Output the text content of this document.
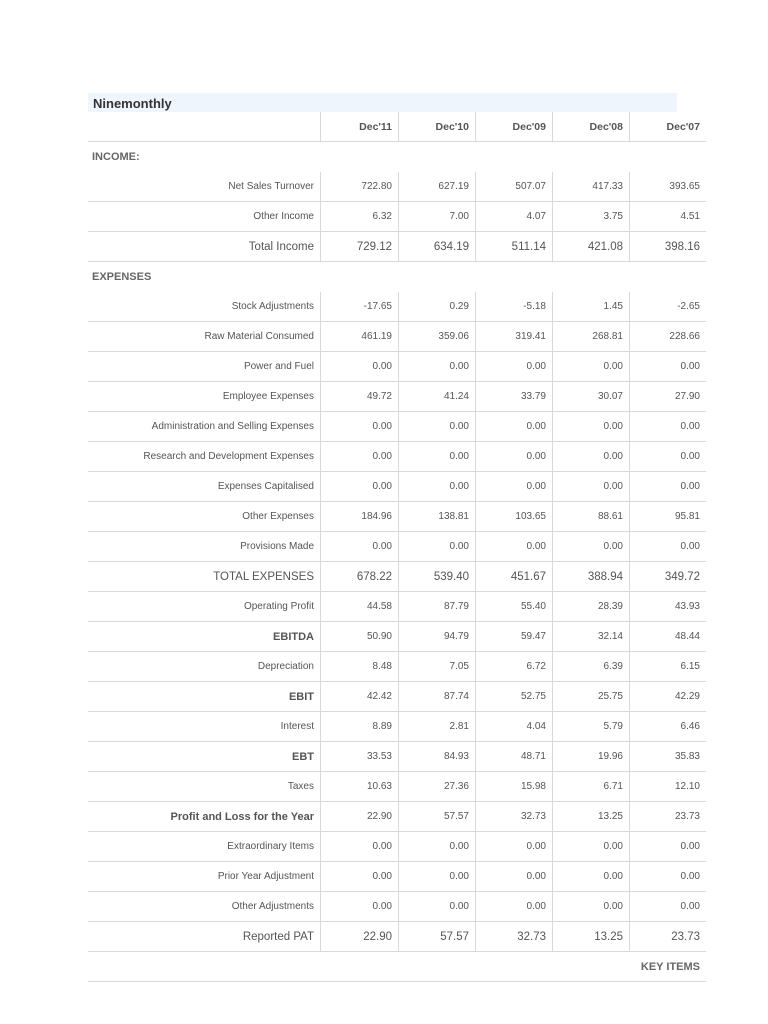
Ninemonthly
Dec'11	Dec'10	Dec'09	Dec'08	Dec'07
INCOME:
Net Sales Turnover	722.80	627.19	507.07	417.33	393.65
Other Income	6.32	7.00	4.07	3.75	4.51
Total Income	729.12	634.19	511.14	421.08	398.16
EXPENSES
Stock Adjustments	-17.65	0.29	-5.18	1.45	-2.65
Raw Material Consumed	461.19	359.06	319.41	268.81	228.66
Power and Fuel	0.00	0.00	0.00	0.00	0.00
Employee Expenses	49.72	41.24	33.79	30.07	27.90
Administration and Selling Expenses	0.00	0.00	0.00	0.00	0.00
Research and Development Expenses	0.00	0.00	0.00	0.00	0.00
Expenses Capitalised	0.00	0.00	0.00	0.00	0.00
Other Expenses	184.96	138.81	103.65	88.61	95.81
Provisions Made	0.00	0.00	0.00	0.00	0.00
TOTAL EXPENSES	678.22	539.40	451.67	388.94	349.72
Operating Profit	44.58	87.79	55.40	28.39	43.93
EBITDA	50.90	94.79	59.47	32.14	48.44
Depreciation	8.48	7.05	6.72	6.39	6.15
EBIT	42.42	87.74	52.75	25.75	42.29
Interest	8.89	2.81	4.04	5.79	6.46
EBT	33.53	84.93	48.71	19.96	35.83
Taxes	10.63	27.36	15.98	6.71	12.10
Profit and Loss for the Year	22.90	57.57	32.73	13.25	23.73
Extraordinary Items	0.00	0.00	0.00	0.00	0.00
Prior Year Adjustment	0.00	0.00	0.00	0.00	0.00
Other Adjustments	0.00	0.00	0.00	0.00	0.00
Reported PAT	22.90	57.57	32.73	13.25	23.73
KEY ITEMS
